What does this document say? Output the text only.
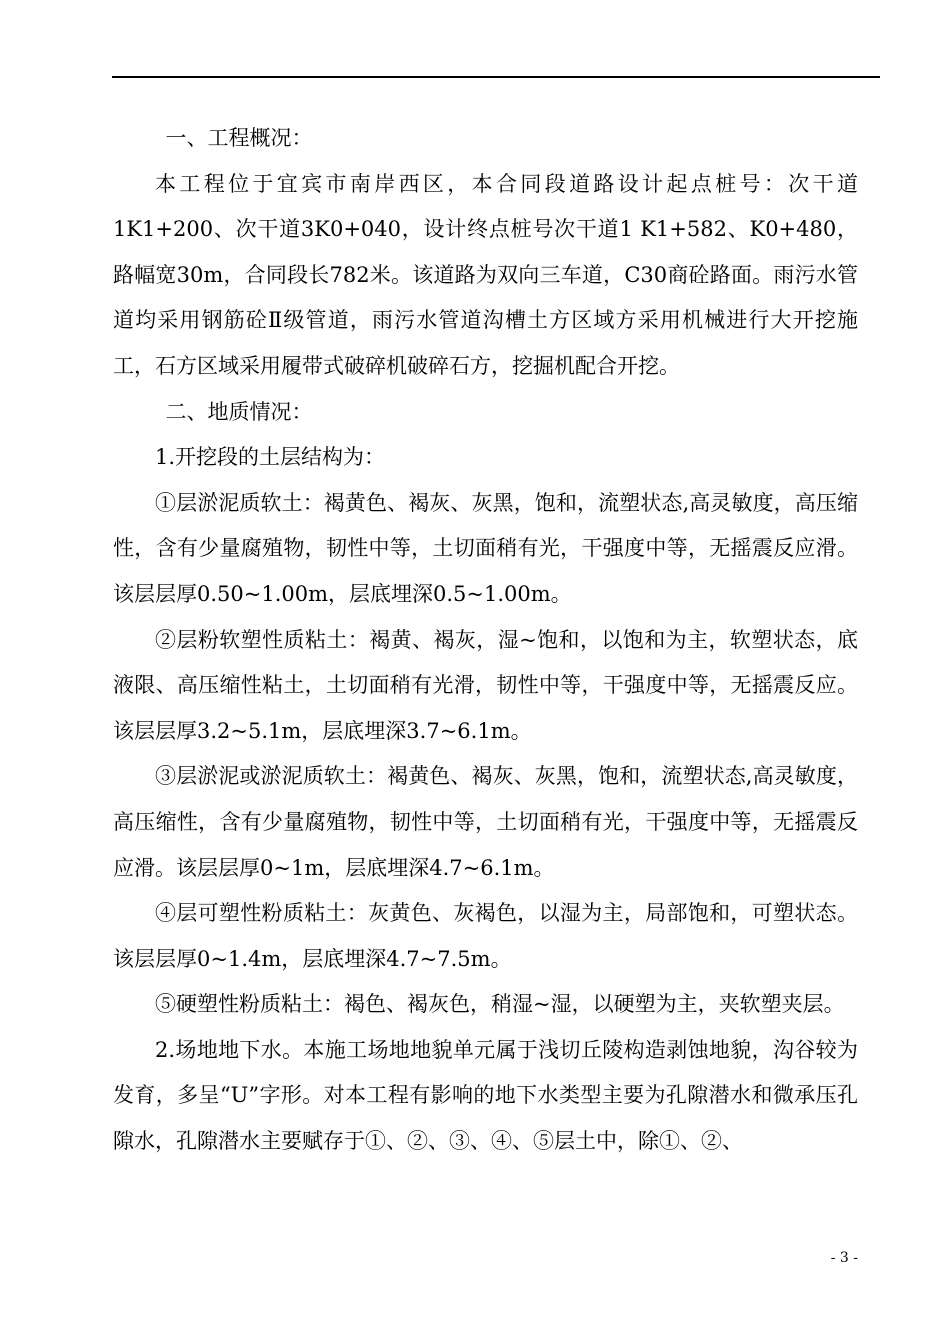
一、工程概况：

本工程位于宜宾市南岸西区，本合同段道路设计起点桩号：次干道1K1+200、次干道3K0+040，设计终点桩号次干道1 K1+582、K0+480，路幅宽30m，合同段长782米。该道路为双向三车道，C30商砼路面。雨污水管道均采用钢筋砼Ⅱ级管道，雨污水管道沟槽土方区域方采用机械进行大开挖施工，石方区域采用履带式破碎机破碎石方，挖掘机配合开挖。

二、地质情况：

1.开挖段的土层结构为：

①层淤泥质软土：褐黄色、褐灰、灰黑，饱和，流塑状态,高灵敏度，高压缩性，含有少量腐殖物，韧性中等，土切面稍有光，干强度中等，无摇震反应滑。该层层厚0.50~1.00m，层底埋深0.5~1.00m。

②层粉软塑性质粘土：褐黄、褐灰，湿~饱和，以饱和为主，软塑状态，底液限、高压缩性粘土，土切面稍有光滑，韧性中等，干强度中等，无摇震反应。该层层厚3.2~5.1m，层底埋深3.7~6.1m。

③层淤泥或淤泥质软土：褐黄色、褐灰、灰黑，饱和，流塑状态,高灵敏度，高压缩性，含有少量腐殖物，韧性中等，土切面稍有光，干强度中等，无摇震反应滑。该层层厚0~1m，层底埋深4.7~6.1m。

④层可塑性粉质粘土：灰黄色、灰褐色，以湿为主，局部饱和，可塑状态。该层层厚0~1.4m，层底埋深4.7~7.5m。

⑤硬塑性粉质粘土：褐色、褐灰色，稍湿~湿，以硬塑为主，夹软塑夹层。

2.场地地下水。本施工场地地貌单元属于浅切丘陵构造剥蚀地貌，沟谷较为发育，多呈“U”字形。对本工程有影响的地下水类型主要为孔隙潜水和微承压孔隙水，孔隙潜水主要赋存于①、②、③、④、⑤层土中，除①、②、

- 3 -
